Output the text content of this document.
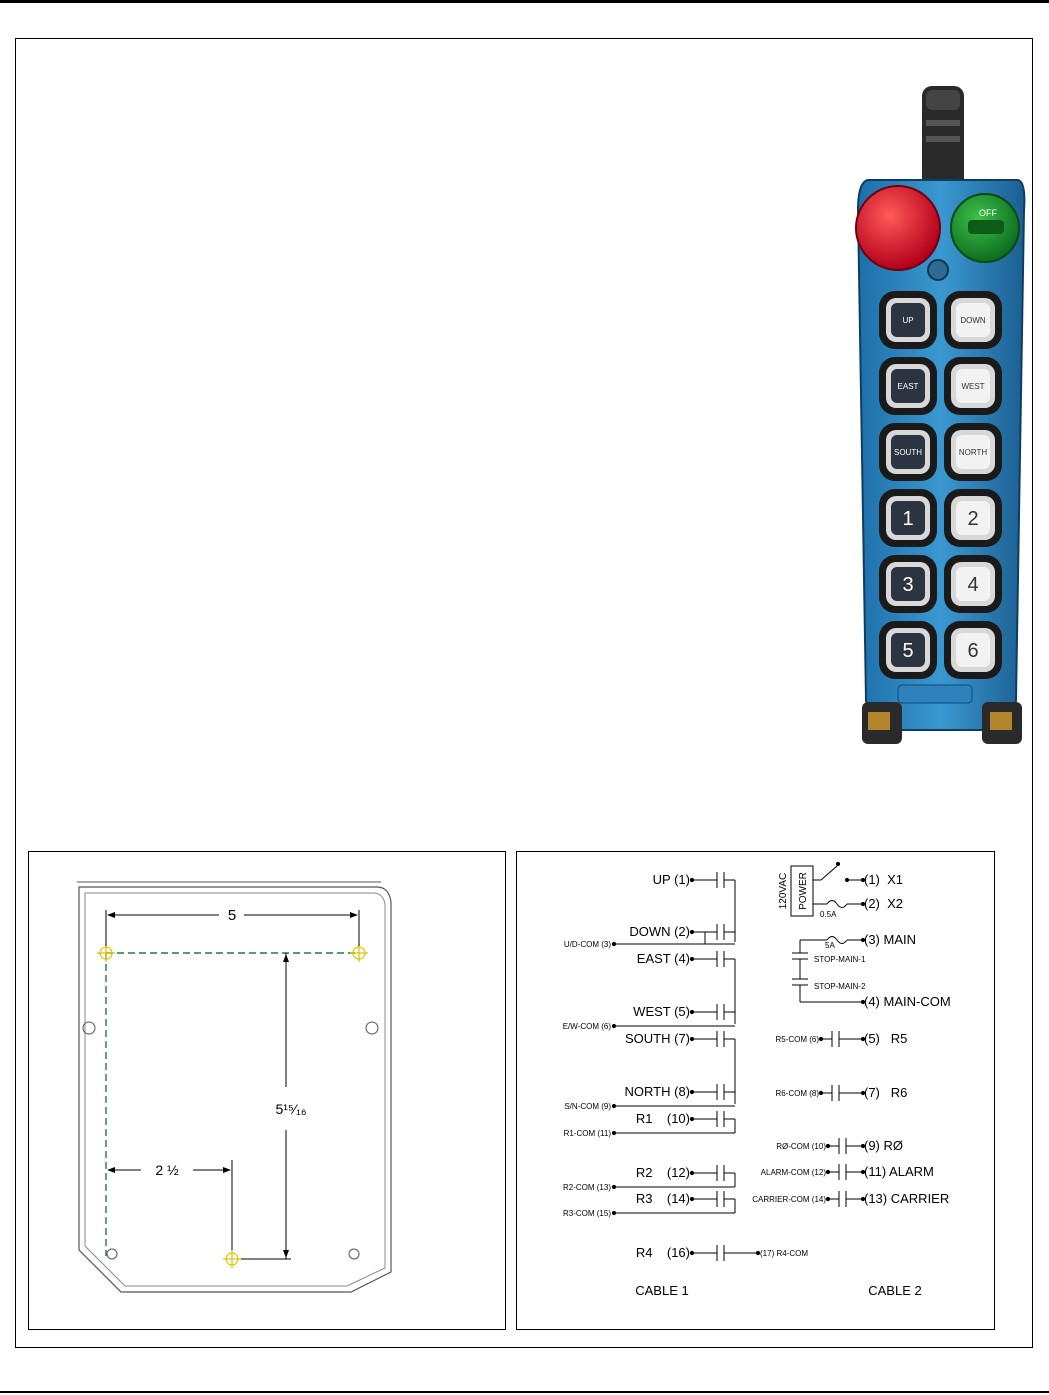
OFF
UP	DOWN
EAST	WEST
SOUTH	NORTH
1	2
3	4
5	6
5
5¹⁵⁄₁₆
2 ½
UP (1)
DOWN (2)
U/D-COM (3)
EAST (4)
WEST (5)
E/W-COM (6)
SOUTH (7)
NORTH (8)
S/N-COM (9)
R1    (10)
R1-COM (11)
R2    (12)
R2-COM (13)
R3    (14)
R3-COM (15)
R4    (16)	(17) R4-COM
POWER
120VAC	(1)  X1
0.5A
(2)  X2
5A (3) MAIN
STOP-MAIN-1
STOP-MAIN-2
(4) MAIN-COM
R5-COM (6)	(5)   R5
R6-COM (8)	(7)   R6
RØ-COM (10)	(9) RØ
ALARM-COM (12)	(11) ALARM
CARRIER-COM (14)	(13) CARRIER
CABLE 1	CABLE 2
